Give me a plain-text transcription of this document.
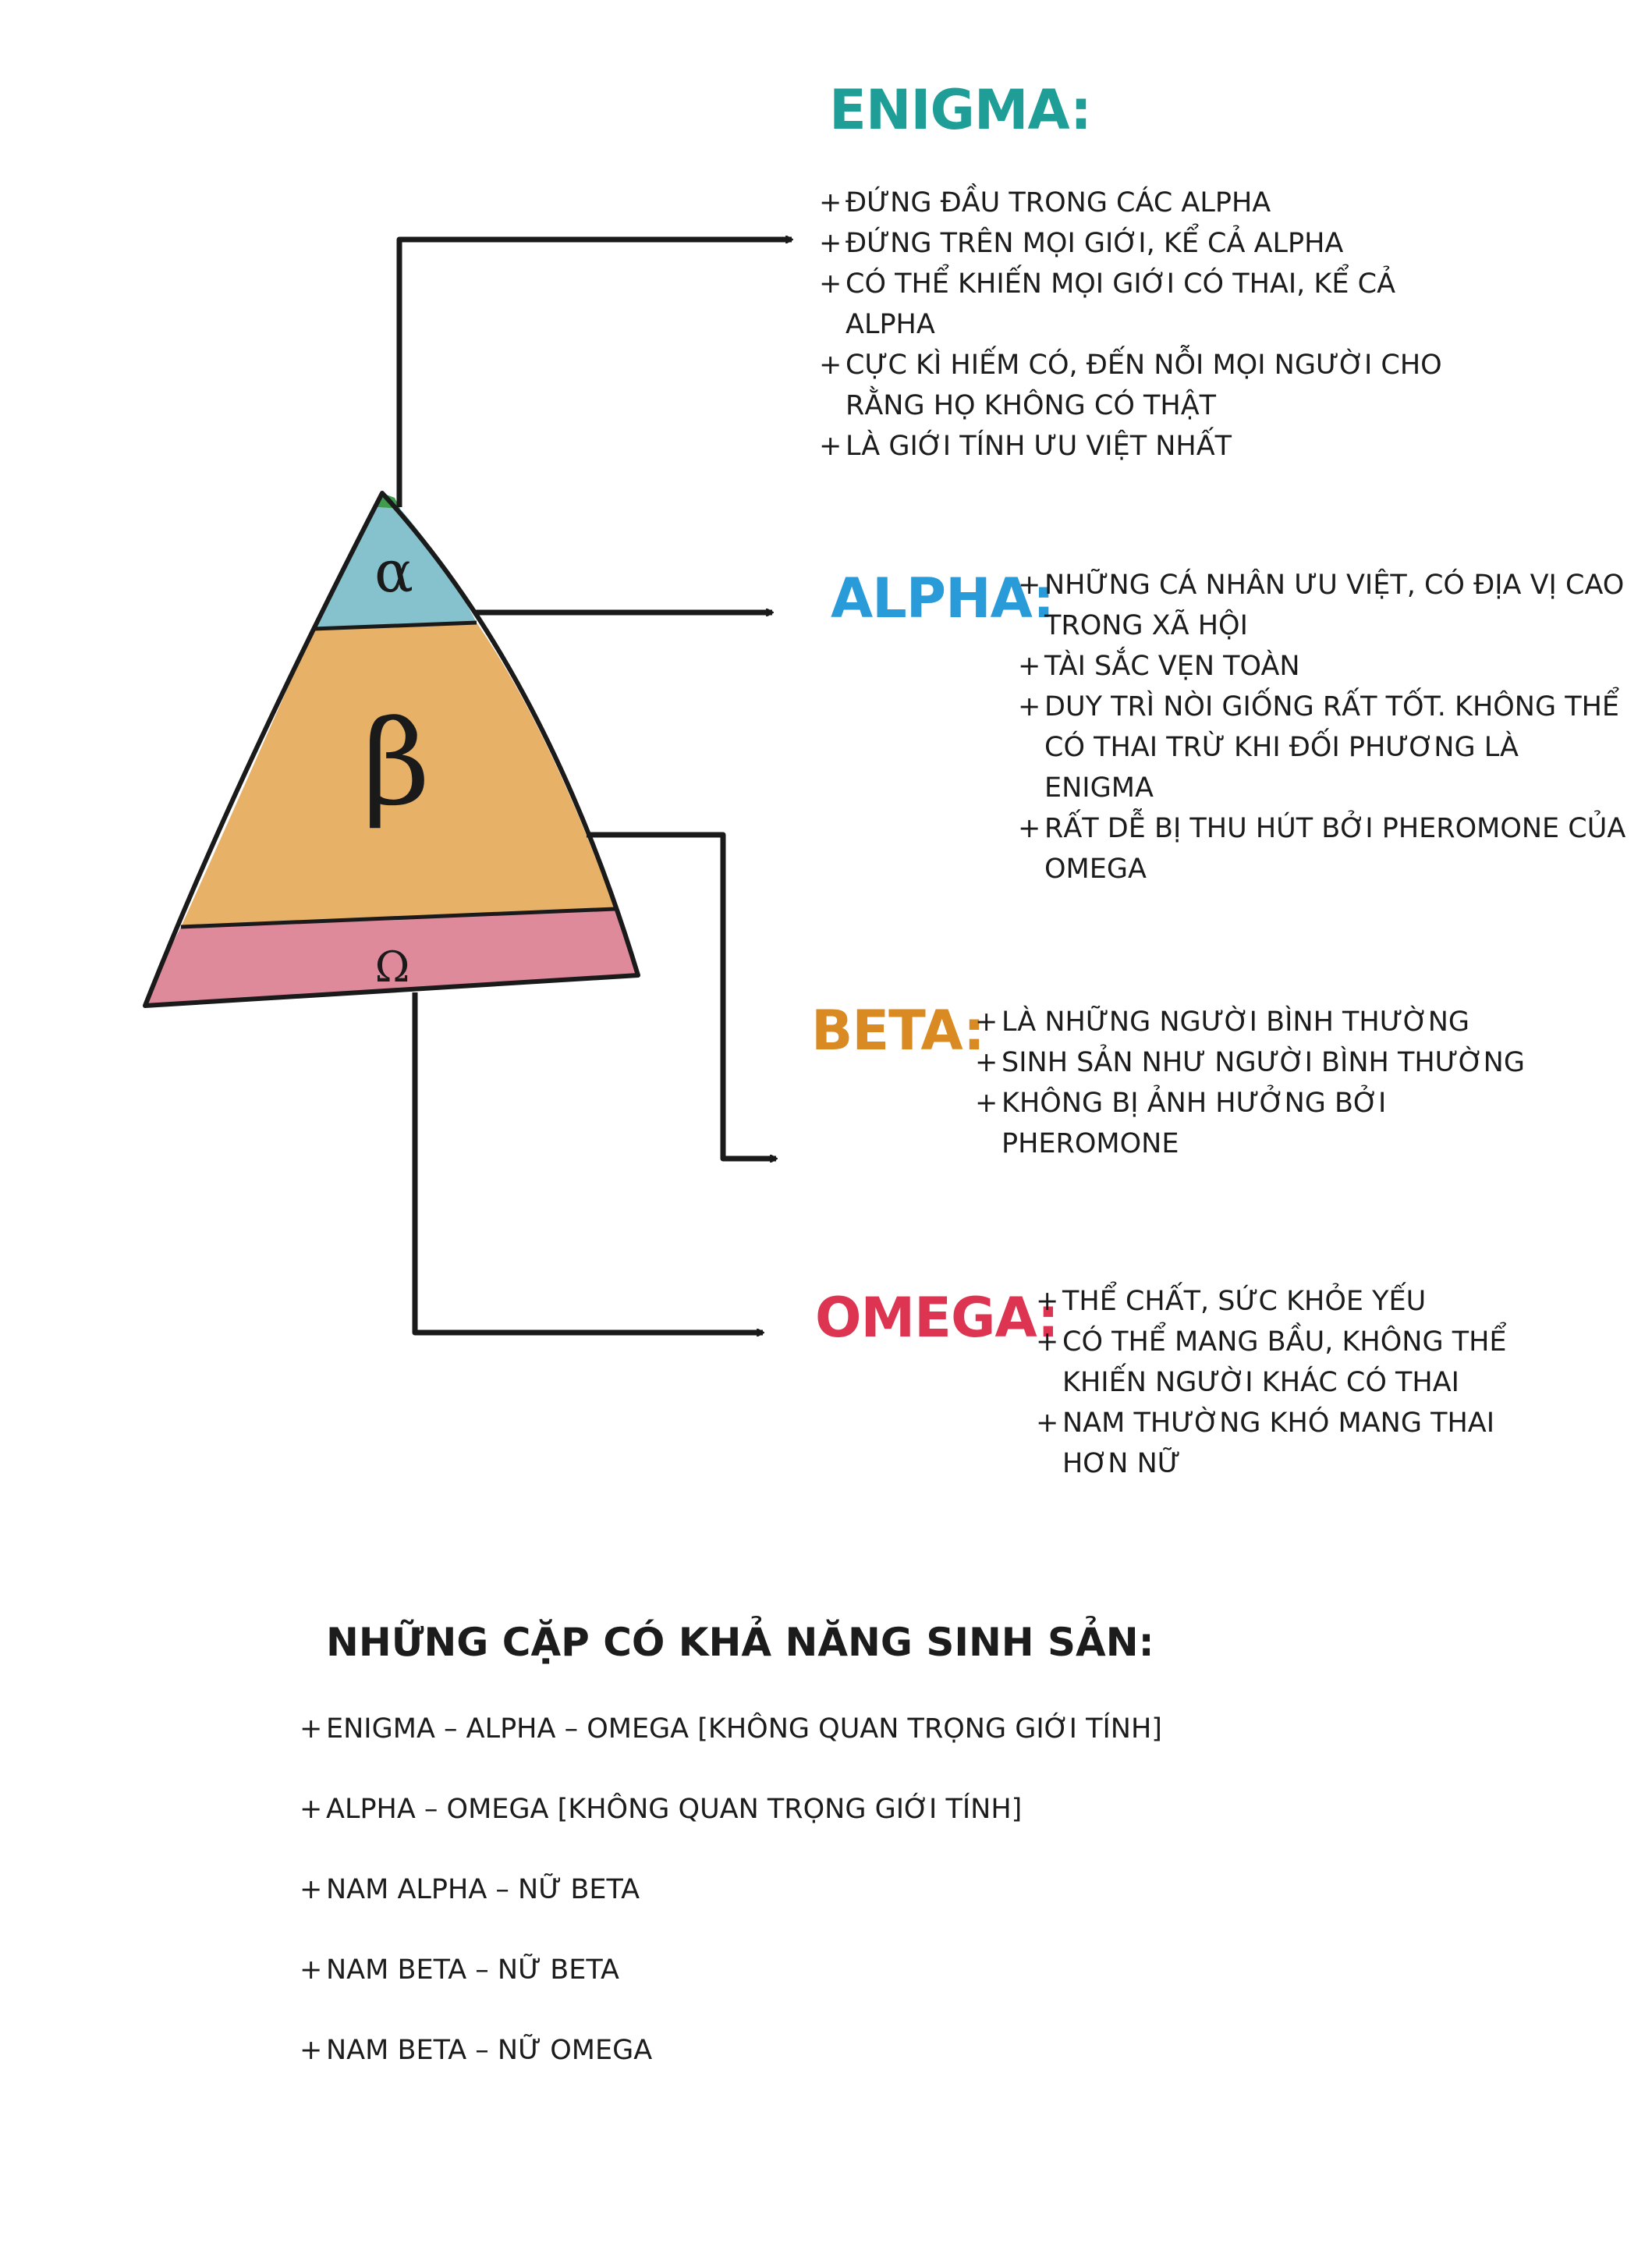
α
β
Ω
ENIGMA:
+ ĐỨNG ĐẦU TRONG CÁC ALPHA
+ ĐỨNG TRÊN MỌI GIỚI, KỂ CẢ ALPHA
+ CÓ THỂ KHIẾN MỌI GIỚI CÓ THAI, KỂ CẢ ALPHA
+ CỰC KÌ HIẾM CÓ, ĐẾN NỖI MỌI NGƯỜI CHO RẰNG HỌ KHÔNG CÓ THẬT
+ LÀ GIỚI TÍNH ƯU VIỆT NHẤT
ALPHA:
+ NHỮNG CÁ NHÂN ƯU VIỆT, CÓ ĐỊA VỊ CAO TRONG XÃ HỘI
+ TÀI SẮC VẸN TOÀN
+ DUY TRÌ NÒI GIỐNG RẤT TỐT. KHÔNG THỂ CÓ THAI TRỪ KHI ĐỐI PHƯƠNG LÀ ENIGMA
+ RẤT DỄ BỊ THU HÚT BỞI PHEROMONE CỦA OMEGA
BETA: + LÀ NHỮNG NGƯỜI BÌNH THƯỜNG
+ SINH SẢN NHƯ NGƯỜI BÌNH THƯỜNG
+ KHÔNG BỊ ẢNH HƯỞNG BỞI PHEROMONE
OMEGA: + THỂ CHẤT, SỨC KHỎE YẾU
+ CÓ THỂ MANG BẦU, KHÔNG THỂ KHIẾN NGƯỜI KHÁC CÓ THAI
+ NAM THƯỜNG KHÓ MANG THAI HƠN NỮ
NHỮNG CẶP CÓ KHẢ NĂNG SINH SẢN:
+ ENIGMA – ALPHA – OMEGA [KHÔNG QUAN TRỌNG GIỚI TÍNH]
+ ALPHA – OMEGA [KHÔNG QUAN TRỌNG GIỚI TÍNH]
+ NAM ALPHA – NỮ BETA
+ NAM BETA – NỮ BETA
+ NAM BETA – NỮ OMEGA
